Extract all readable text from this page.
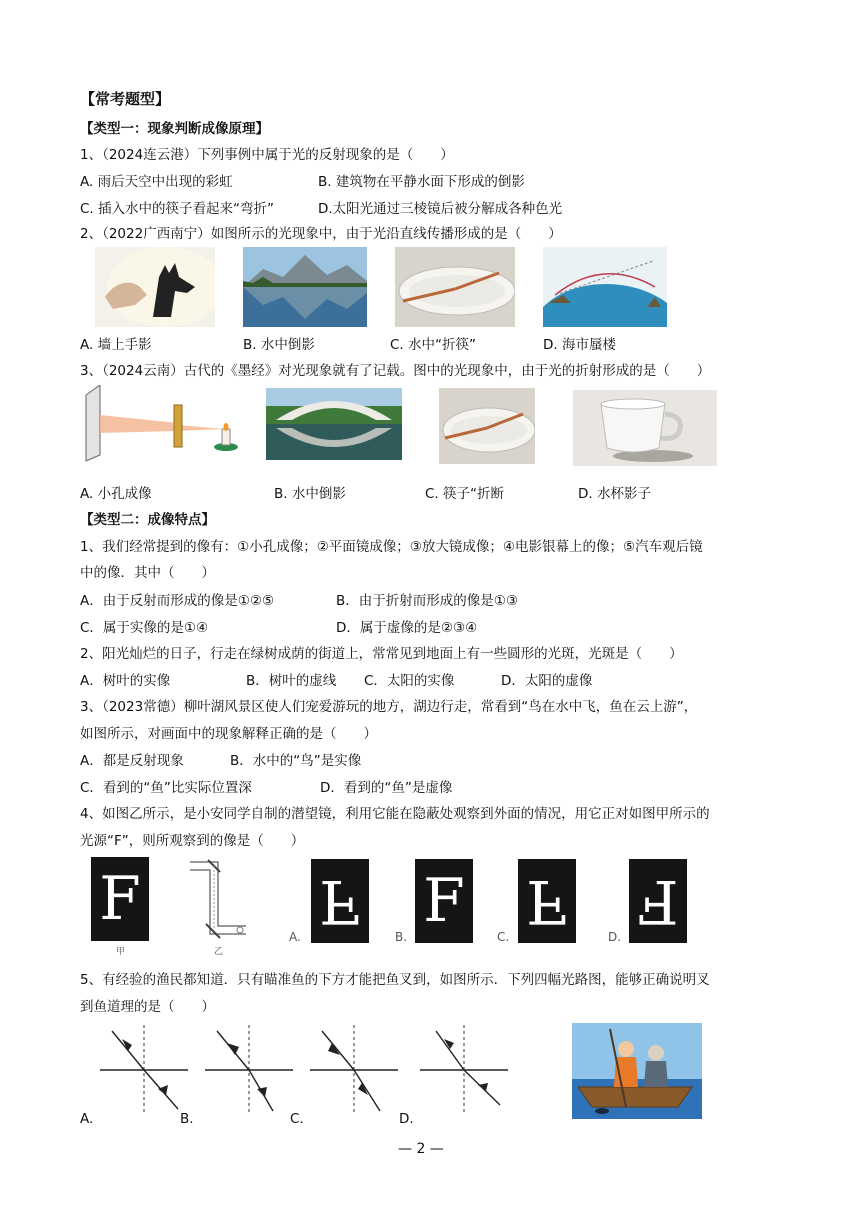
【常考题型】
【类型一：现象判断成像原理】
1、（2024连云港）下列事例中属于光的反射现象的是（　　）
A. 雨后天空中出现的彩虹	B. 建筑物在平静水面下形成的倒影
C. 插入水中的筷子看起来“弯折”	D.太阳光通过三棱镜后被分解成各种色光
2、（2022广西南宁）如图所示的光现象中，由于光沿直线传播形成的是（　　）
A. 墙上手影	B. 水中倒影	C. 水中“折筷”	D. 海市蜃楼
3、（2024云南）古代的《墨经》对光现象就有了记载。图中的光现象中，由于光的折射形成的是（　　）
A. 小孔成像	B. 水中倒影	C. 筷子“折断	D. 水杯影子
【类型二：成像特点】
1、我们经常提到的像有：①小孔成像；②平面镜成像；③放大镜成像；④电影银幕上的像；⑤汽车观后镜
中的像．其中（　　）
A．由于反射而形成的像是①②⑤	B．由于折射而形成的像是①③
C．属于实像的是①④	D．属于虚像的是②③④
2、阳光灿烂的日子，行走在绿树成荫的街道上，常常见到地面上有一些圆形的光斑，光斑是（　　）
A．树叶的实像	B．树叶的虚线 C．太阳的实像	D．太阳的虚像
3、（2023常德）柳叶湖风景区使人们宠爱游玩的地方，湖边行走，常看到“鸟在水中飞，鱼在云上游”，
如图所示，对画面中的现象解释正确的是（　　）
A．都是反射现象	B．水中的“鸟”是实像
C．看到的“鱼”比实际位置深	D．看到的“鱼”是虚像
4、如图乙所示，是小安同学自制的潜望镜，利用它能在隐蔽处观察到外面的情况，用它正对如图甲所示的
光源“F”，则所观察到的像是（　　）
F
甲	乙
A.
F
B.
F
C.
F
D.
F
5、有经验的渔民都知道．只有瞄准鱼的下方才能把鱼叉到，如图所示．下列四幅光路图，能够正确说明叉
到鱼道理的是（　　）
A.	B.	C.	D.
— 2 —
